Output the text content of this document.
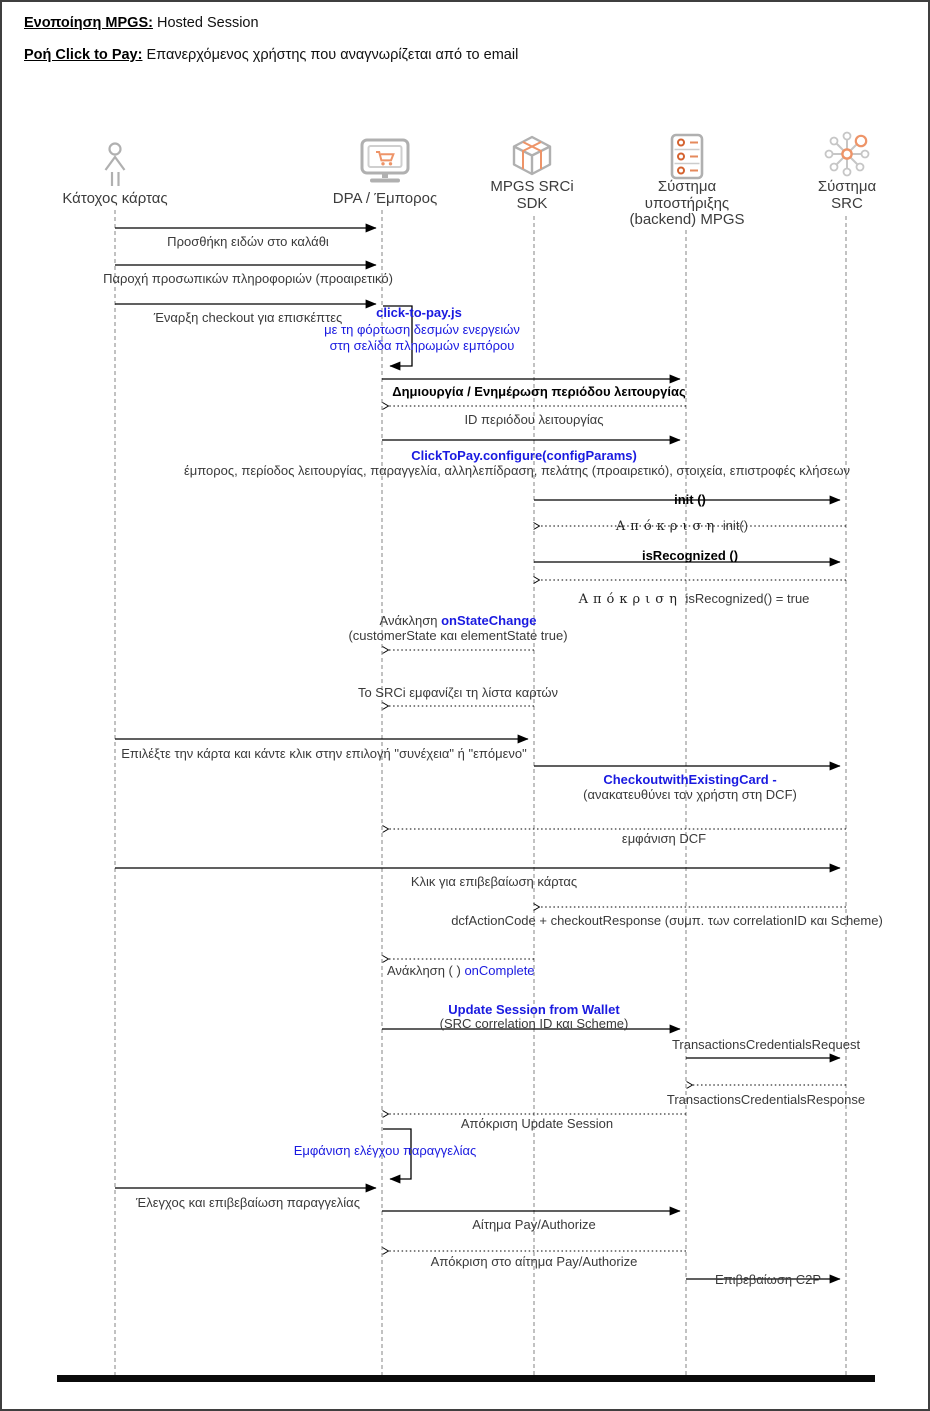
Ενοποίηση MPGS: Hosted Session
Ροή Click to Pay: Επανερχόμενος χρήστης που αναγνωρίζεται από το email
Κάτοχος κάρτας	DPA / Έμπορος
MPGS SRCi
SDK
Σύστημα
υποστήριξης
(backend) MPGS
Σύστημα
SRC
Προσθήκη ειδών στο καλάθι
Παροχή προσωπικών πληροφοριών (προαιρετικό)
Έναρξη checkout για επισκέπτες	click-to-pay.js
με τη φόρτωση δεσμών ενεργειών
στη σελίδα πληρωμών εμπόρου
Δημιουργία / Ενημέρωση περιόδου λειτουργίας
ID περιόδου λειτουργίας
ClickToPay.configure(configParams)
έμπορος, περίοδος λειτουργίας, παραγγελία, αλληλεπίδραση, πελάτης (προαιρετικό), στοιχεία, επιστροφές κλήσεων
init ()
Απόκριση init()
isRecognized ()
Απόκριση isRecognized() = true
Ανάκληση onStateChange
(customerState και elementState true)
Το SRCi εμφανίζει τη λίστα καρτών
Επιλέξτε την κάρτα και κάντε κλικ στην επιλογή "συνέχεια" ή "επόμενο"
CheckoutwithExistingCard -
(ανακατευθύνει τον χρήστη στη DCF)
εμφάνιση DCF
Κλικ για επιβεβαίωση κάρτας
dcfActionCode + checkoutResponse (συμπ. των correlationID και Scheme)
Ανάκληση ( ) onComplete
Update Session from Wallet
(SRC correlation ID και Scheme)
TransactionsCredentialsRequest
TransactionsCredentialsResponse
Απόκριση Update Session
Εμφάνιση ελέγχου παραγγελίας
Έλεγχος και επιβεβαίωση παραγγελίας
Αίτημα Pay/Authorize
Απόκριση στο αίτημα Pay/Authorize
Επιβεβαίωση C2P
